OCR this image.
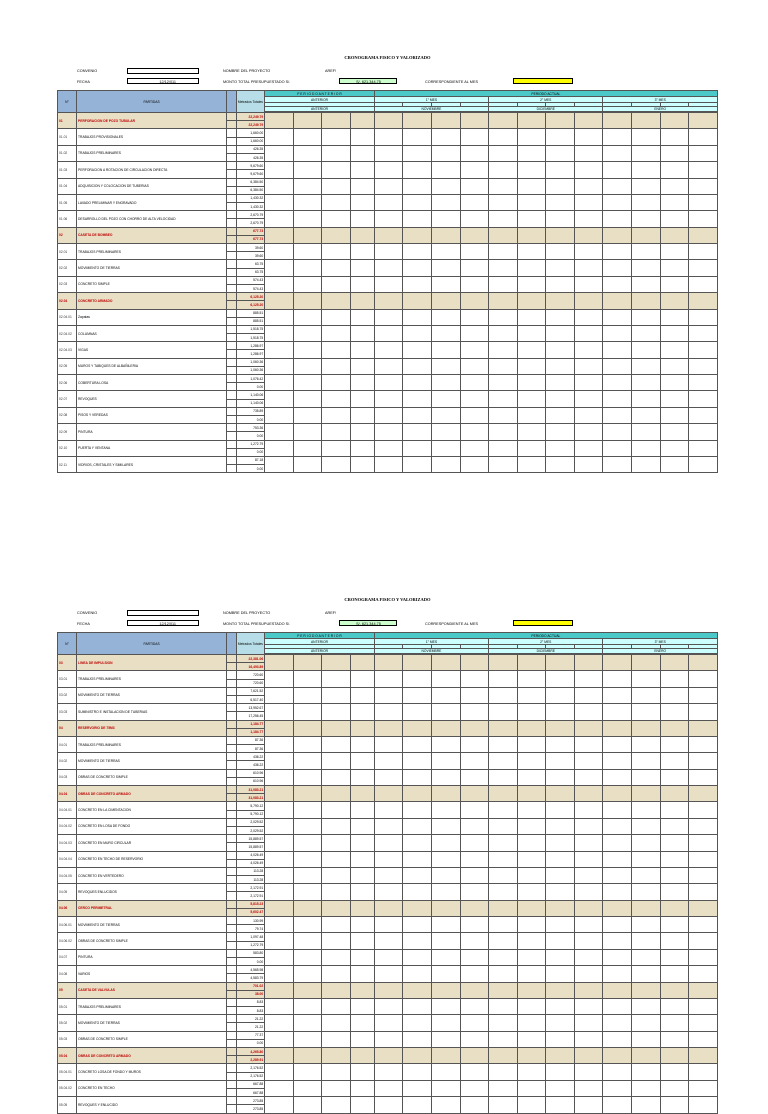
CRONOGRAMA FISICO Y VALORIZADO
CONVENIO
FECHA	12/12/011
NOMBRE DEL PROYECTO	AREF!
MONTO TOTAL PRESUPUESTADO S/.	S/. 621,344.75	CORRESPONDIENTE AL MES
N°	PARTIDAS		Metrados Totales	P E R I O D O A N T E R I O R				PERIODO ACTUAL											
				ANTERIOR				1° MES				2° MES				3° MES			

				ANTERIOR				NOVIEMBRE				DICIEMBRE				ENERO			

01	PERFORACION DE POZO TUBULAR		22,249.79																
			22,249.79																
01.01	TRABAJOS PROVISIONALES		1,660.00																
			1,660.00																
01.02	TRABAJOS PRELIMINARES		426.35																
			426.35																
01.03	PERFORACION A ROTACION DE CIRCULACION DIRECTA		9,679.60																
			9,679.60																
01.04	ADQUISICION Y COLOCACION DE TUBERIAS		6,384.50																
			6,384.50																
01.05	LAVADO PRELIMINAR Y ENGRAVADO		1,430.32																
			1,430.32																
01.06	DESARROLLO DEL POZO CON CHORRO DE ALTA VELOCIDAD		2,670.79																
			2,670.79																
02	CASETA DE BOMBEO		677.73																
			677.73																
02.01	TRABAJOS PRELIMINARES		39.60																
			39.60																
02.02	MOVIMIENTO DE TIERRAS		63.75																
			63.75																
02.03	CONCRETO SIMPLE		574.43																
			574.43																
02.04	CONCRETO ARMADO		6,125.20																
			6,125.20																
02.04.01	Zapatas		885.51																
			885.51																
02.04.02	COLUMNAS		1,518.75																
			1,518.75																
02.04.03	VIGAS		1,286.97																
			1,286.97																
02.05	MUROS Y TABIQUES DE ALBAÑILERIA		1,060.36																
			1,060.36																
02.06	COBERTURA LOSA		1,076.42																
			0.00																
02.07	REVOQUES		1,140.06																
			1,140.06																
02.08	PISOS Y VEREDAS		735.89																
			0.00																
02.09	PINTURA		753.36																
			0.00																
02.10	PUERTA Y VENTANA		1,272.79																
			0.00																
02.11	VIDRIOS, CRISTALES Y SIMILARES		87.18																
			0.00																
CRONOGRAMA FISICO Y VALORIZADO
CONVENIO
FECHA	12/12/011
NOMBRE DEL PROYECTO	AREF!
MONTO TOTAL PRESUPUESTADO S/.	S/. 621,344.75	CORRESPONDIENTE AL MES
N°	PARTIDAS		Metrados Totales	P E R I O D O A N T E R I O R				PERIODO ACTUAL											
				ANTERIOR				1° MES				2° MES				3° MES			

				ANTERIOR				NOVIEMBRE				DICIEMBRE				ENERO			

03	LINEA DE IMPULSION		22,381.06																
			16,493.89																
03.01	TRABAJOS PRELIMINARES		720.60																
			720.60																
03.02	MOVIMIENTO DE TIERRAS		7,621.52																
			6,517.40																
03.03	SUMINISTRO E INSTALACION DE TUBERIAS		13,952.67																
			17,256.45																
04	RESERVORIO DE 75M3		1,184.77																
			1,184.77																
04.01	TRABAJOS PRELIMINARES		87.36																
			87.36																
04.02	MOVIMIENTO DE TIERRAS		436.22																
			436.22																
04.03	OBRAS DE CONCRETO SIMPLE		610.96																
			610.96																
04.04	OBRAS DE CONCRETO ARMADO		31,083.21																
			31,083.21																
04.04.01	CONCRETO EN LA CIMENTACION		5,790.12																
			5,790.12																
04.04.02	CONCRETO EN LOSA DE FONDO		2,029.52																
			2,029.52																
04.04.03	CONCRETO EN MURO CIRCULAR		15,889.57																
			15,889.57																
04.04.04	CONCRETO EN TECHO DE RESERVORIO		4,026.49																
			4,026.49																
04.04.05	CONCRETO EN VERTEDERO		113.28																
			113.28																
04.05	REVOQUES ENLUCIDOS		2,172.91																
			2,172.91																
04.06	CERCO PERIMETRAL		5,815.23																
			5,602.47																
04.06.01	MOVIMIENTO DE TIERRAS		130.99																
			79.74																
04.06.02	OBRAS DE CONCRETO SIMPLE		1,097.48																
			1,272.79																
04.07	PINTURA		583.80																
			0.00																
04.08	VARIOS		4,565.98																
			4,583.79																
05	CASETA DE VALVULAS		701.02																
			38.00																
05.01	TRABAJOS PRELIMINARES		8.83																
			8.83																
05.02	MOVIMIENTO DE TIERRAS		21.22																
			21.22																
05.03	OBRAS DE CONCRETO SIMPLE		77.37																
			0.00																
05.04	OBRAS DE CONCRETO ARMADO		4,265.80																
			2,289.91																
05.04.01	CONCRETO LOSA DE FONDO Y MUROS		2,176.52																
			2,176.52																
05.04.02	CONCRETO EN TECHO		667.88																
			667.88																
05.05	REVOQUES Y ENLUCIDO		273.85																
			273.85																
